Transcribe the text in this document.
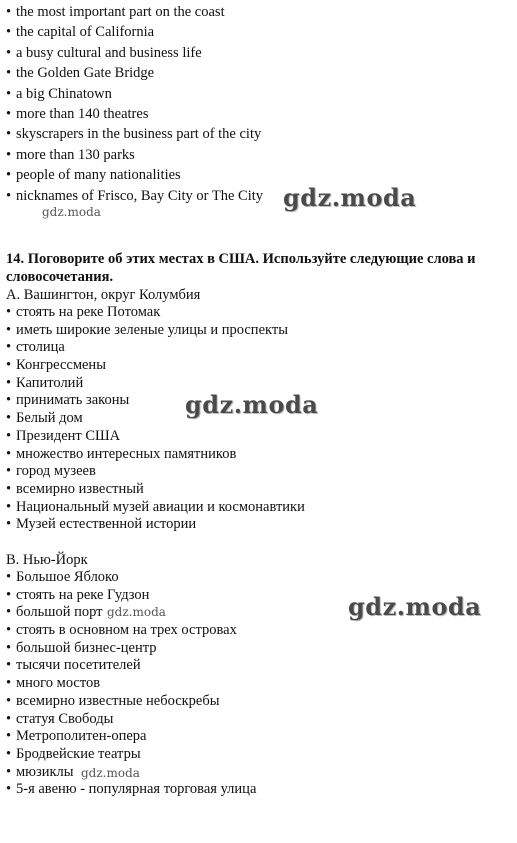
• the most important part on the coast
• the capital of California
• a busy cultural and business life
• the Golden Gate Bridge
• a big Chinatown
• more than 140 theatres
• skyscrapers in the business part of the city
• more than 130 parks
• people of many nationalities
• nicknames of Frisco, Bay City or The City

14. Поговорите об этих местах в США. Используйте следующие слова и словосочетания.

А. Вашингтон, округ Колумбия
• стоять на реке Потомак
• иметь широкие зеленые улицы и проспекты
• столица
• Конгрессмены
• Капитолий
• принимать законы
• Белый дом
• Президент США
• множество интересных памятников
• город музеев
• всемирно известный
• Национальный музей авиации и космонавтики
• Музей естественной истории
В. Нью-Йорк
• Большое Яблоко
• стоять на реке Гудзон
• большой порт
• стоять в основном на трех островах
• большой бизнес-центр
• тысячи посетителей
• много мостов
• всемирно известные небоскребы
• статуя Свободы
• Метрополитен-опера
• Бродвейские театры
• мюзиклы
• 5-я авеню - популярная торговая улица
gdz.moda
gdz.moda
gdz.moda
gdz.moda
gdz.moda
gdz.moda
